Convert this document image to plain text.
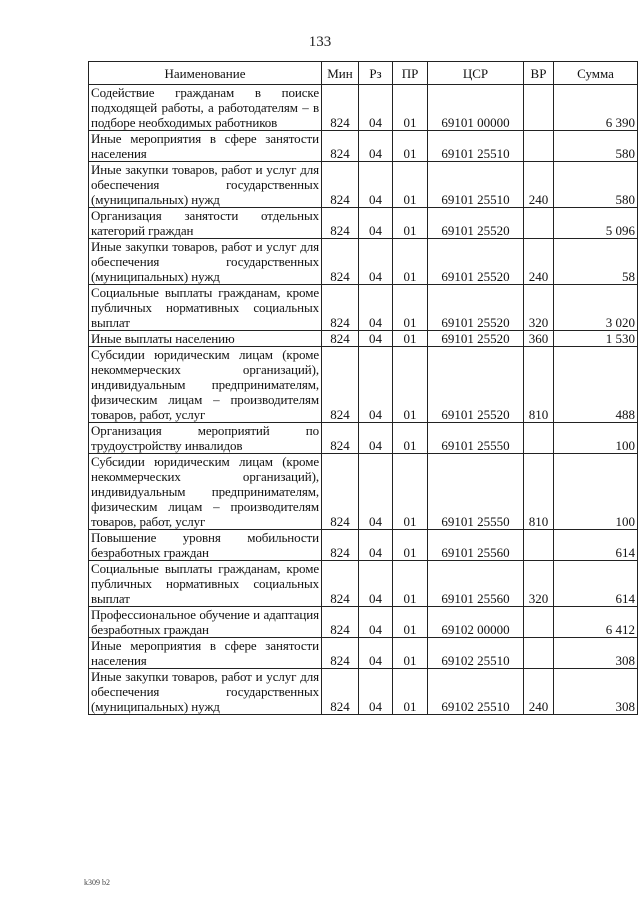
133
Наименование	Мин	Рз	ПР	ЦСР	ВР	Сумма
Содействие гражданам в поиске подходящей работы, а работодателям – в подборе необходимых работников	824	04	01	69101 00000		6 390
Иные мероприятия в сфере занятости населения	824	04	01	69101 25510		580
Иные закупки товаров, работ и услуг для обеспечения государственных (муниципальных) нужд	824	04	01	69101 25510	240	580
Организация занятости отдельных категорий граждан	824	04	01	69101 25520		5 096
Иные закупки товаров, работ и услуг для обеспечения государственных (муниципальных) нужд	824	04	01	69101 25520	240	58
Социальные выплаты гражданам, кроме публичных нормативных социальных выплат	824	04	01	69101 25520	320	3 020
Иные выплаты населению	824	04	01	69101 25520	360	1 530
Субсидии юридическим лицам (кроме некоммерческих организаций), индивидуальным предпринимателям, физическим лицам – производителям товаров, работ, услуг	824	04	01	69101 25520	810	488
Организация мероприятий по трудоустройству инвалидов	824	04	01	69101 25550		100
Субсидии юридическим лицам (кроме некоммерческих организаций), индивидуальным предпринимателям, физическим лицам – производителям товаров, работ, услуг	824	04	01	69101 25550	810	100
Повышение уровня мобильности безработных граждан	824	04	01	69101 25560		614
Социальные выплаты гражданам, кроме публичных нормативных социальных выплат	824	04	01	69101 25560	320	614
Профессиональное обучение и адаптация безработных граждан	824	04	01	69102 00000		6 412
Иные мероприятия в сфере занятости населения	824	04	01	69102 25510		308
Иные закупки товаров, работ и услуг для обеспечения государственных (муниципальных) нужд	824	04	01	69102 25510	240	308
k309 b2
